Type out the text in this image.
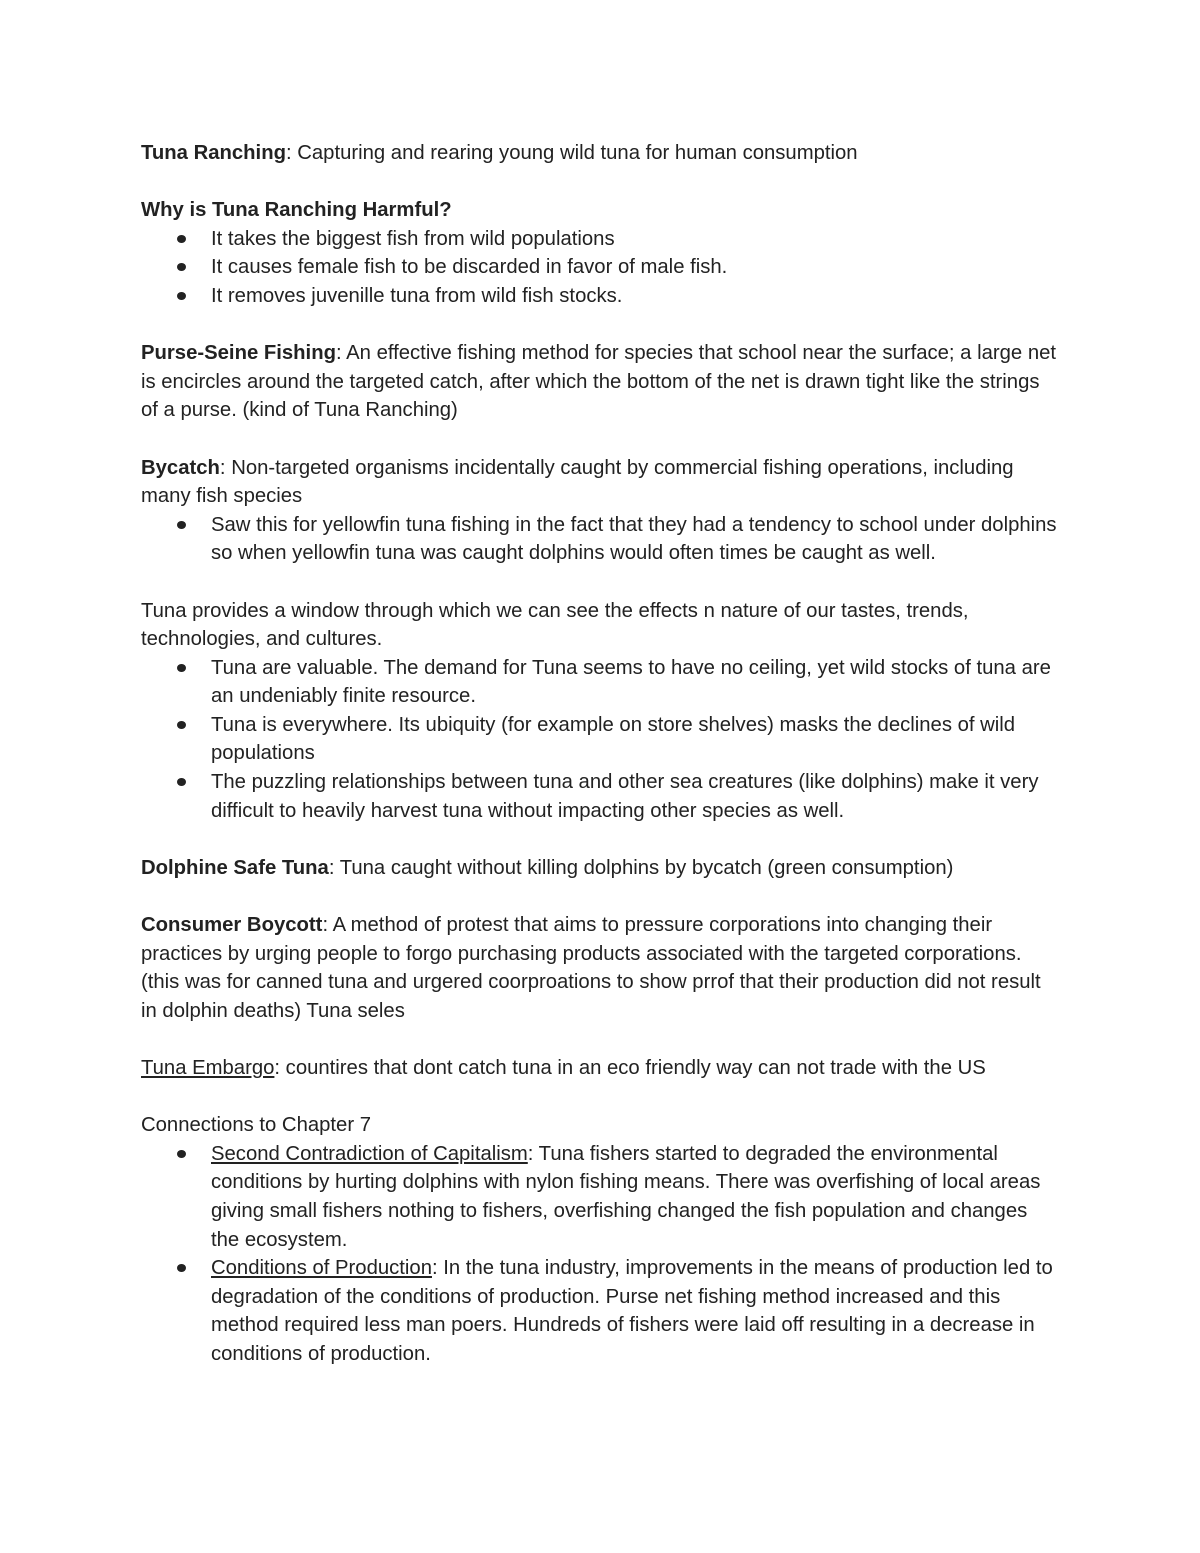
Tuna Ranching: Capturing and rearing young wild tuna for human consumption

Why is Tuna Ranching Harmful?

It takes the biggest fish from wild populations
It causes female fish to be discarded in favor of male fish.
It removes juvenille tuna from wild fish stocks.

Purse-Seine Fishing: An effective fishing method for species that school near the surface; a large net is encircles around the targeted catch, after which the bottom of the net is drawn tight like the strings of a purse. (kind of Tuna Ranching)

Bycatch: Non-targeted organisms incidentally caught by commercial fishing operations, including many fish species

Saw this for yellowfin tuna fishing in the fact that they had a tendency to school under dolphins so when yellowfin tuna was caught dolphins would often times be caught as well.

Tuna provides a window through which we can see the effects n nature of our tastes, trends, technologies, and cultures.

Tuna are valuable. The demand for Tuna seems to have no ceiling, yet wild stocks of tuna are an undeniably finite resource.
Tuna is everywhere. Its ubiquity (for example on store shelves) masks the declines of wild populations
The puzzling relationships between tuna and other sea creatures (like dolphins) make it very difficult to heavily harvest tuna without impacting other species as well.

Dolphine Safe Tuna: Tuna caught without killing dolphins by bycatch (green consumption)

Consumer Boycott: A method of protest that aims to pressure corporations into changing their practices by urging people to forgo purchasing products associated with the targeted corporations. (this was for canned tuna and urgered coorproations to show prrof that their production did not result in dolphin deaths) Tuna seles

Tuna Embargo: countires that dont catch tuna in an eco friendly way can not trade with the US

Connections to Chapter 7

Second Contradiction of Capitalism: Tuna fishers started to degraded the environmental conditions by hurting dolphins with nylon fishing means. There was overfishing of local areas giving small fishers nothing to fishers, overfishing changed the fish population and changes the ecosystem.
Conditions of Production: In the tuna industry, improvements in the means of production led to degradation of the conditions of production. Purse net fishing method increased and this method required less man poers. Hundreds of fishers were laid off resulting in a decrease in conditions of production.
